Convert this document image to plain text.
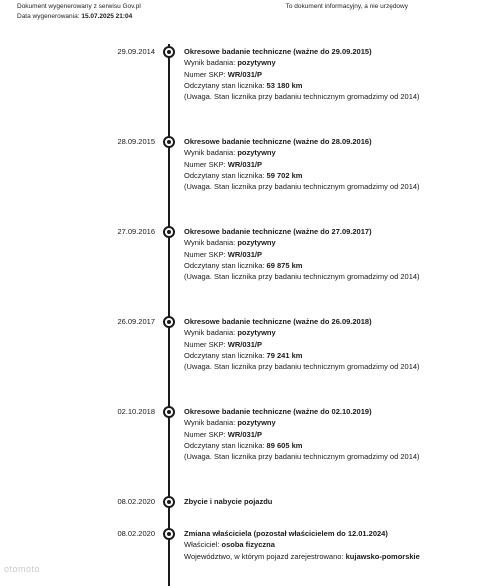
Dokument wygenerowany z serwisu Gov.pl
Data wygenerowania: 15.07.2025 21:04
To dokument informacyjny, a nie urzędowy
29.09.2014	Okresowe badanie techniczne (ważne do 29.09.2015)
Wynik badania: pozytywny
Numer SKP: WR/031/P
Odczytany stan licznika: 53 180 km
(Uwaga. Stan licznika przy badaniu technicznym gromadzimy od 2014)
28.09.2015	Okresowe badanie techniczne (ważne do 28.09.2016)
Wynik badania: pozytywny
Numer SKP: WR/031/P
Odczytany stan licznika: 59 702 km
(Uwaga. Stan licznika przy badaniu technicznym gromadzimy od 2014)
27.09.2016	Okresowe badanie techniczne (ważne do 27.09.2017)
Wynik badania: pozytywny
Numer SKP: WR/031/P
Odczytany stan licznika: 69 875 km
(Uwaga. Stan licznika przy badaniu technicznym gromadzimy od 2014)
26.09.2017	Okresowe badanie techniczne (ważne do 26.09.2018)
Wynik badania: pozytywny
Numer SKP: WR/031/P
Odczytany stan licznika: 79 241 km
(Uwaga. Stan licznika przy badaniu technicznym gromadzimy od 2014)
02.10.2018	Okresowe badanie techniczne (ważne do 02.10.2019)
Wynik badania: pozytywny
Numer SKP: WR/031/P
Odczytany stan licznika: 89 605 km
(Uwaga. Stan licznika przy badaniu technicznym gromadzimy od 2014)
08.02.2020	Zbycie i nabycie pojazdu
08.02.2020	Zmiana właściciela (pozostał właścicielem do 12.01.2024)
Właściciel: osoba fizyczna
Województwo, w którym pojazd zarejestrowano: kujawsko-pomorskie
otomoto
